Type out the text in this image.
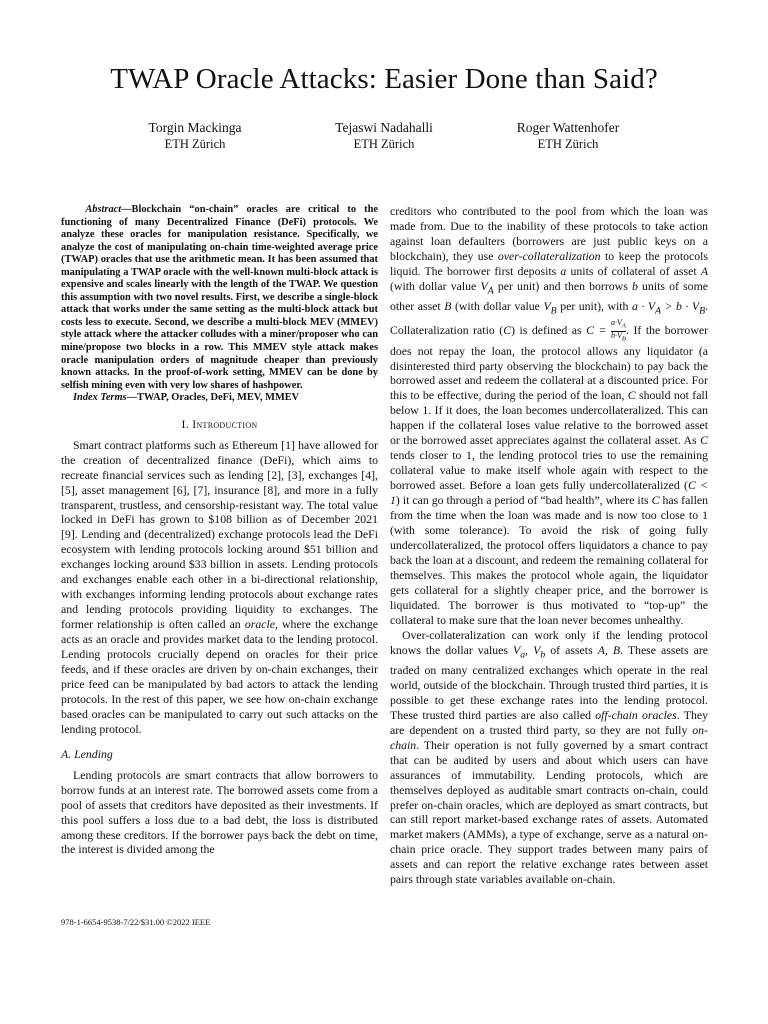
TWAP Oracle Attacks: Easier Done than Said?
Torgin Mackinga
ETH Zürich
Tejaswi Nadahalli
ETH Zürich
Roger Wattenhofer
ETH Zürich

Abstract—Blockchain “on-chain” oracles are critical to the functioning of many Decentralized Finance (DeFi) protocols. We analyze these oracles for manipulation resistance. Specifically, we analyze the cost of manipulating on-chain time-weighted average price (TWAP) oracles that use the arithmetic mean. It has been assumed that manipulating a TWAP oracle with the well-known multi-block attack is expensive and scales linearly with the length of the TWAP. We question this assumption with two novel results. First, we describe a single-block attack that works under the same setting as the multi-block attack but costs less to execute. Second, we describe a multi-block MEV (MMEV) style attack where the attacker colludes with a miner/proposer who can mine/propose two blocks in a row. This MMEV style attack makes oracle manipulation orders of magnitude cheaper than previously known attacks. In the proof-of-work setting, MMEV can be done by selfish mining even with very low shares of hashpower.

Index Terms—TWAP, Oracles, DeFi, MEV, MMEV

I. Introduction

Smart contract platforms such as Ethereum [1] have allowed for the creation of decentralized finance (DeFi), which aims to recreate financial services such as lending [2], [3], exchanges [4], [5], asset management [6], [7], insurance [8], and more in a fully transparent, trustless, and censorship-resistant way. The total value locked in DeFi has grown to $108 billion as of December 2021 [9]. Lending and (decentralized) exchange protocols lead the DeFi ecosystem with lending protocols locking around $51 billion and exchanges locking around $33 billion in assets. Lending protocols and exchanges enable each other in a bi-directional relationship, with exchanges informing lending protocols about exchange rates and lending protocols providing liquidity to exchanges. The former relationship is often called an oracle, where the exchange acts as an oracle and provides market data to the lending protocol. Lending protocols crucially depend on oracles for their price feeds, and if these oracles are driven by on-chain exchanges, their price feed can be manipulated by bad actors to attack the lending protocols. In the rest of this paper, we see how on-chain exchange based oracles can be manipulated to carry out such attacks on the lending protocol.

A. Lending

Lending protocols are smart contracts that allow borrowers to borrow funds at an interest rate. The borrowed assets come from a pool of assets that creditors have deposited as their investments. If this pool suffers a loss due to a bad debt, the loss is distributed among these creditors. If the borrower pays back the debt on time, the interest is divided among the

creditors who contributed to the pool from which the loan was made from. Due to the inability of these protocols to take action against loan defaulters (borrowers are just public keys on a blockchain), they use over-collateralization to keep the protocols liquid. The borrower first deposits a units of collateral of asset A (with dollar value $V_A$ per unit) and then borrows b units of some other asset B (with dollar value $V_B$ per unit), with $a \cdot V_A > b \cdot V_B$. Collateralization ratio (C) is defined as $C = \frac{a\cdot V_A}{b\cdot V_B}$ . If the borrower does not repay the loan, the protocol allows any liquidator (a disinterested third party observing the blockchain) to pay back the borrowed asset and redeem the collateral at a discounted price. For this to be effective, during the period of the loan, C should not fall below 1. If it does, the loan becomes undercollateralized. This can happen if the collateral loses value relative to the borrowed asset or the borrowed asset appreciates against the collateral asset. As C tends closer to 1, the lending protocol tries to use the remaining collateral value to make itself whole again with respect to the borrowed asset. Before a loan gets fully undercollateralized (C < 1) it can go through a period of “bad health”, where its C has fallen from the time when the loan was made and is now too close to 1 (with some tolerance). To avoid the risk of going fully undercollateralized, the protocol offers liquidators a chance to pay back the loan at a discount, and redeem the remaining collateral for themselves. This makes the protocol whole again, the liquidator gets collateral for a slightly cheaper price, and the borrower is liquidated. The borrower is thus motivated to “top-up” the collateral to make sure that the loan never becomes unhealthy.

Over-collateralization can work only if the lending protocol knows the dollar values $V_a$, $V_b$ of assets A, B. These assets are traded on many centralized exchanges which operate in the real world, outside of the blockchain. Through trusted third parties, it is possible to get these exchange rates into the lending protocol. These trusted third parties are also called off-chain oracles. They are dependent on a trusted third party, so they are not fully on-chain. Their operation is not fully governed by a smart contract that can be audited by users and about which users can have assurances of immutability. Lending protocols, which are themselves deployed as auditable smart contracts on-chain, could prefer on-chain oracles, which are deployed as smart contracts, but can still report market-based exchange rates of assets. Automated market makers (AMMs), a type of exchange, serve as a natural on-chain price oracle. They support trades between many pairs of assets and can report the relative exchange rates between asset pairs through state variables available on-chain.

978-1-6654-9538-7/22/$31.00 ©2022 IEEE
